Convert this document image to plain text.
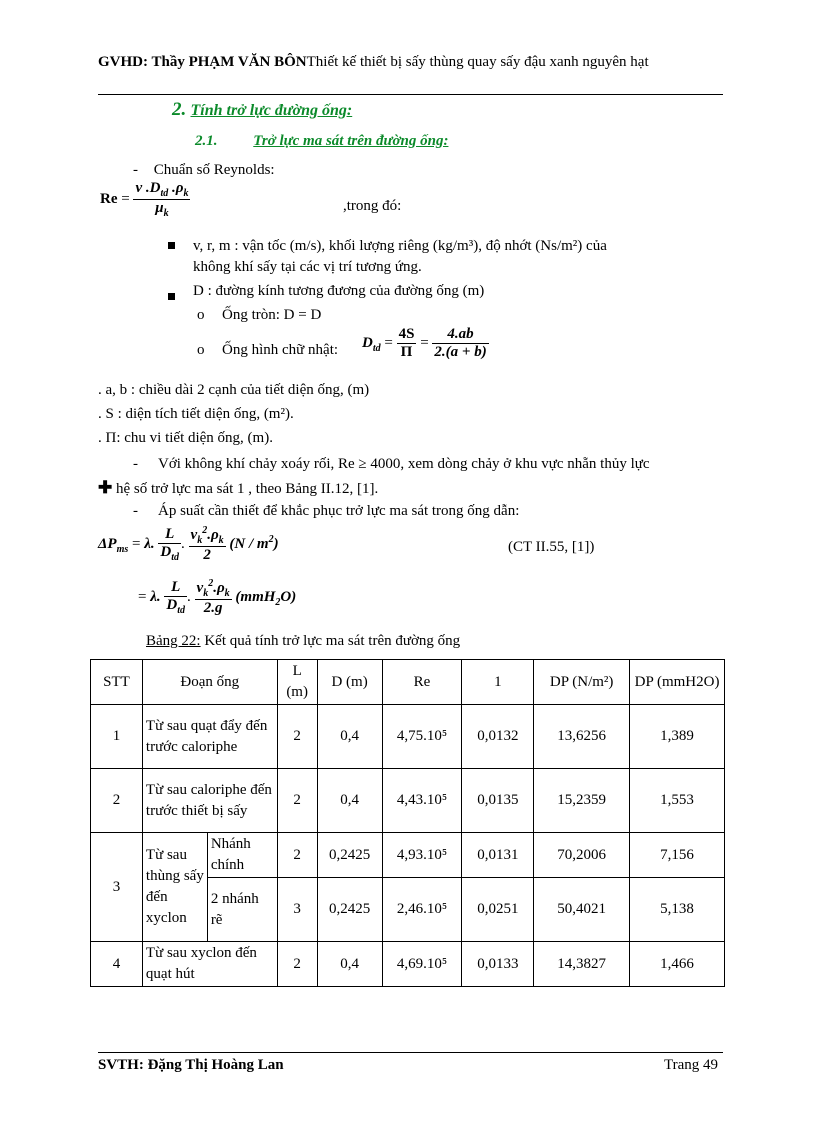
GVHD: Thầy PHẠM VĂN BÔNThiết kế thiết bị sấy thùng quay sấy đậu xanh nguyên hạt
2. Tính trở lực đường ống:
2.1. Trở lực ma sát trên đường ống:
- Chuẩn số Reynolds:
$Re = \frac{v .D_{td} .\rho_k}{\mu_k}$	,trong đó:
v, r, m : vận tốc (m/s), khối lượng riêng (kg/m³), độ nhớt (Ns/m²) của
không khí sấy tại các vị trí tương ứng.
D : đường kính tương đương của đường ống (m)
o Ống tròn: D = D
o Ống hình chữ nhật: $D_{td} = \frac{4S}{\Pi} = \frac{4.ab}{2.(a + b)}$
. a, b : chiều dài 2 cạnh của tiết diện ống, (m)
. S : diện tích tiết diện ống, (m²).
. Π: chu vi tiết diện ống, (m).
- Với không khí chảy xoáy rối, Re ≥ 4000, xem dòng chảy ở khu vực nhẵn thủy lực
✚ hệ số trở lực ma sát 1 , theo Bảng II.12, [1].
- Áp suất cần thiết để khắc phục trở lực ma sát trong ống dẫn:
$\Delta P_{ms} = \lambda$. $\frac{L}{D_{td}}$ . $\frac{v_k^2.\rho_k}{2} (N / m^2)$	(CT II.55, [1])
= λ. $\frac{L}{D_{td}}$ . $\frac{v_k^2.\rho_k}{2.g} (mmH_2O)$
Bảng 22: Kết quả tính trở lực ma sát trên đường ống
STT	Đoạn ống		L (m)	D (m)	Re	1	DP (N/m²)	DP (mmH2O)
1	Từ sau quạt đẩy đến trước caloriphe		2	0,4	4,75.10⁵	0,0132	13,6256	1,389
2	Từ sau caloriphe đến trước thiết bị sấy		2	0,4	4,43.10⁵	0,0135	15,2359	1,553
3	Từ sau thùng sấy đến xyclon	Nhánh chính	2	0,2425	4,93.10⁵	0,0131	70,2006	7,156
		2 nhánh rẽ	3	0,2425	2,46.10⁵	0,0251	50,4021	5,138
4	Từ sau xyclon đến quạt hút		2	0,4	4,69.10⁵	0,0133	14,3827	1,466
SVTH: Đặng Thị Hoàng Lan	Trang 49
